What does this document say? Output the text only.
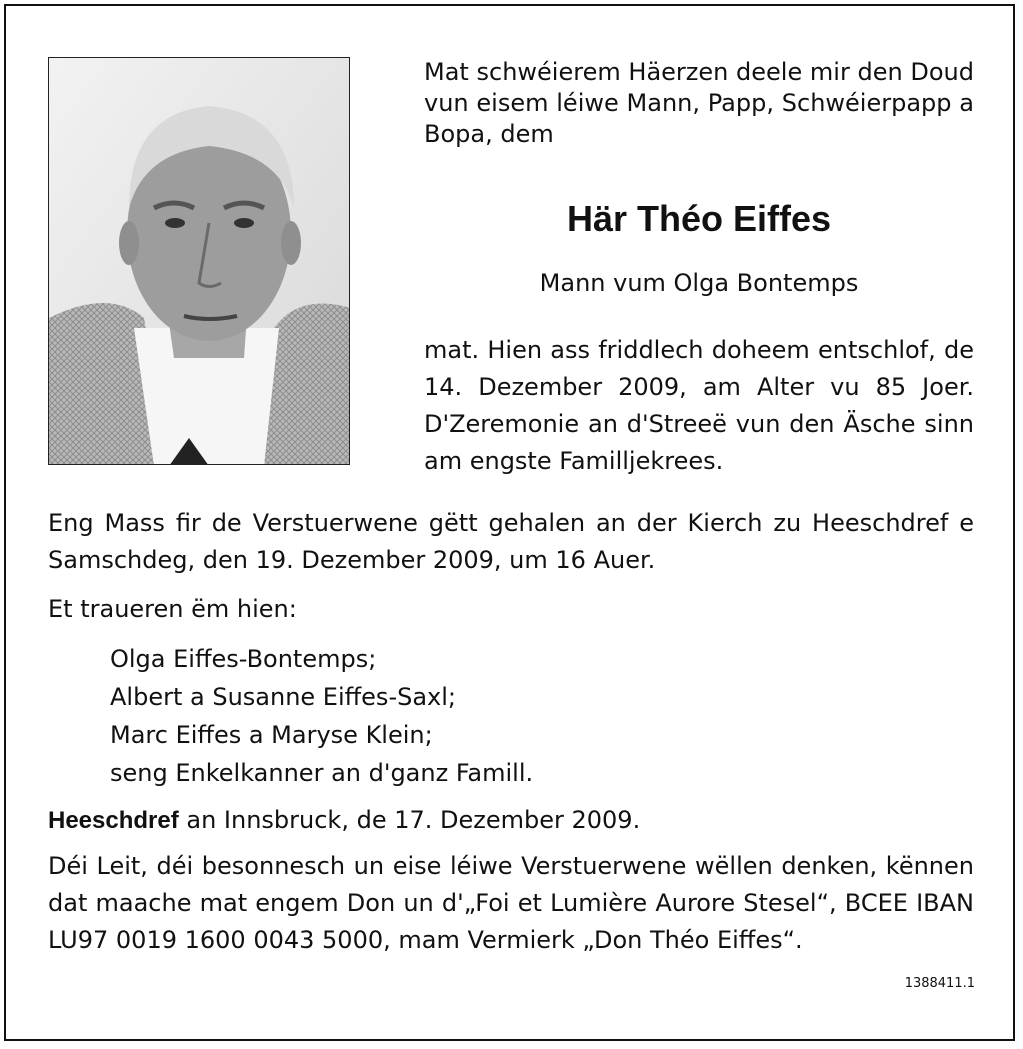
Mat schwéierem Häerzen deele mir den Doud vun eisem léiwe Mann, Papp, Schwéierpapp a Bopa, dem

Här Théo Eiffes

Mann vum Olga Bontemps

mat. Hien ass friddlech doheem entschlof, de 14. Dezember 2009, am Alter vu 85 Joer. D'Zeremonie an d'Streeë vun den Äsche sinn am engste Familljekrees.

Eng Mass fir de Verstuerwene gëtt gehalen an der Kierch zu Heeschdref e Samschdeg, den 19. Dezember 2009, um 16 Auer.

Et traueren ëm hien:

Olga Eiffes-Bontemps;
Albert a Susanne Eiffes-Saxl;
Marc Eiffes a Maryse Klein;
seng Enkelkanner an d'ganz Famill.

Heeschdref an Innsbruck, de 17. Dezember 2009.

Déi Leit, déi besonnesch un eise léiwe Verstuerwene wëllen denken, kënnen dat maache mat engem Don un d'„Foi et Lumière Aurore Stesel“, BCEE IBAN LU97 0019 1600 0043 5000, mam Vermierk „Don Théo Eiffes“.

1388411.1
